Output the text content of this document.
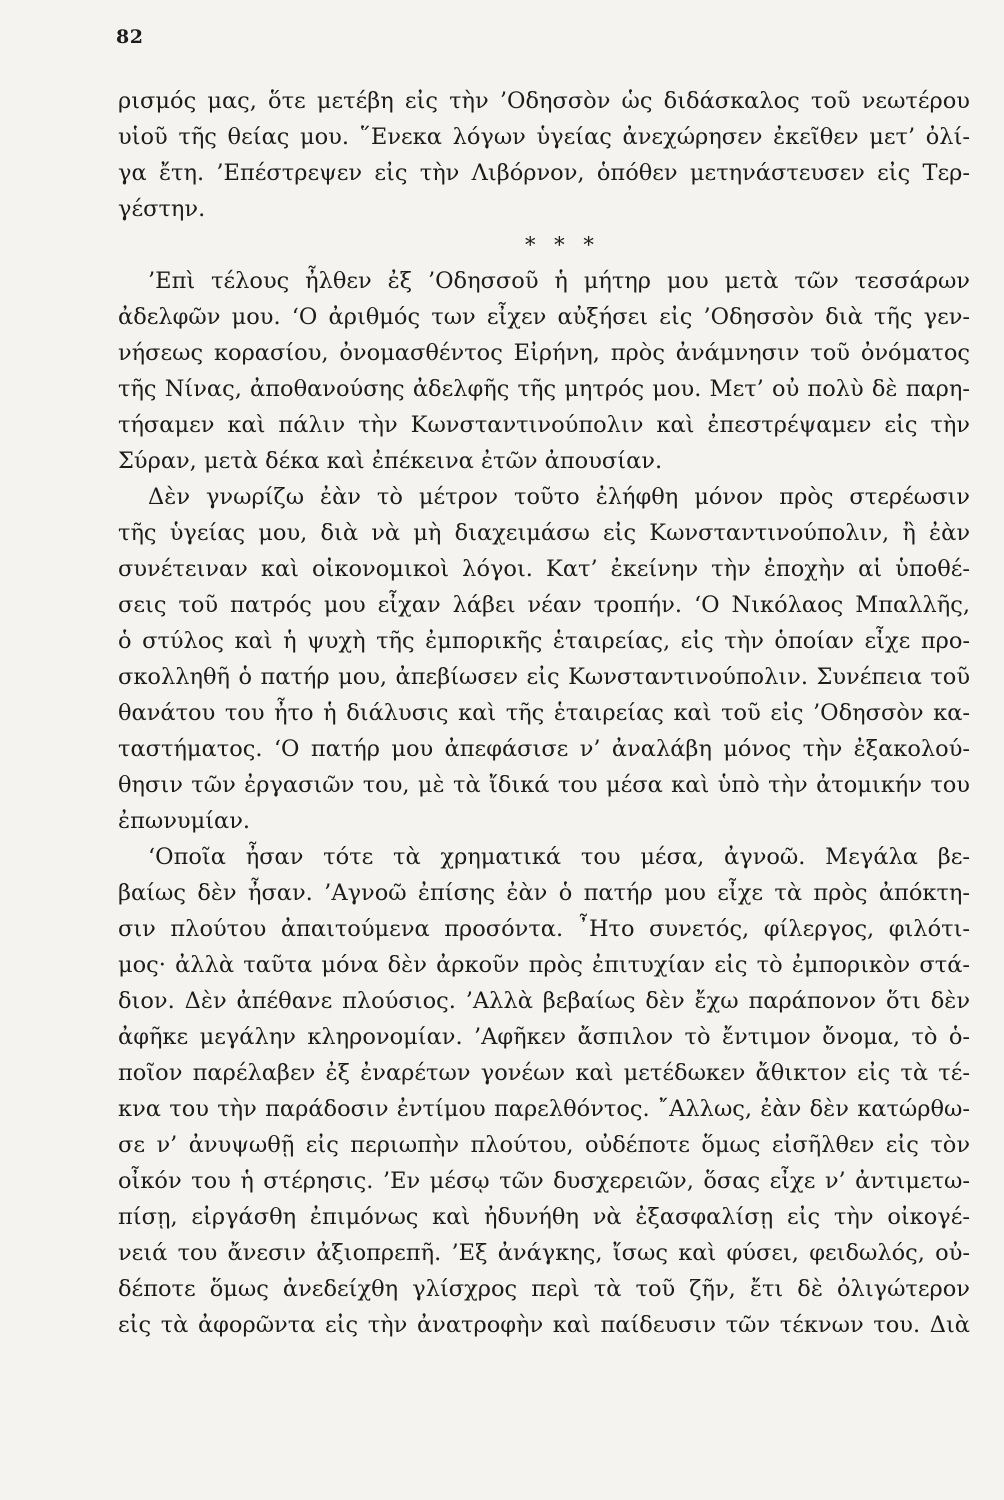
82
ρισμός μας, ὅτε μετέβη εἰς τὴν ’Οδησσὸν ὡς διδάσκαλος τοῦ νεωτέρου
υἱοῦ τῆς θείας μου. ῞Ενεκα λόγων ὑγείας ἀνεχώρησεν ἐκεῖθεν μετ’ ὀλί-
γα ἔτη. ’Επέστρεψεν εἰς τὴν Λιβόρνον, ὁπόθεν μετηνάστευσεν εἰς Τερ-
γέστην.
* * *
’Επὶ τέλους ἦλθεν ἐξ ’Οδησσοῦ ἡ μήτηρ μου μετὰ τῶν τεσσάρων
ἀδελφῶν μου. ‘Ο ἀριθμός των εἶχεν αὐξήσει εἰς ’Οδησσὸν διὰ τῆς γεν-
νήσεως κορασίου, ὀνομασθέντος Εἰρήνη, πρὸς ἀνάμνησιν τοῦ ὀνόματος
τῆς Νίνας, ἀποθανούσης ἀδελφῆς τῆς μητρός μου. Μετ’ οὐ πολὺ δὲ παρη-
τήσαμεν καὶ πάλιν τὴν Κωνσταντινούπολιν καὶ ἐπεστρέψαμεν εἰς τὴν
Σύραν, μετὰ δέκα καὶ ἐπέκεινα ἐτῶν ἀπουσίαν.
Δὲν γνωρίζω ἐὰν τὸ μέτρον τοῦτο ἐλήφθη μόνον πρὸς στερέωσιν
τῆς ὑγείας μου, διὰ νὰ μὴ διαχειμάσω εἰς Κωνσταντινούπολιν, ἢ ἐὰν
συνέτειναν καὶ οἰκονομικοὶ λόγοι. Κατ’ ἐκείνην τὴν ἐποχὴν αἱ ὑποθέ-
σεις τοῦ πατρός μου εἶχαν λάβει νέαν τροπήν. ‘Ο Νικόλαος Μπαλλῆς,
ὁ στύλος καὶ ἡ ψυχὴ τῆς ἐμπορικῆς ἑταιρείας, εἰς τὴν ὁποίαν εἶχε προ-
σκολληθῆ ὁ πατήρ μου, ἀπεβίωσεν εἰς Κωνσταντινούπολιν. Συνέπεια τοῦ
θανάτου του ἦτο ἡ διάλυσις καὶ τῆς ἑταιρείας καὶ τοῦ εἰς ’Οδησσὸν κα-
ταστήματος. ‘Ο πατήρ μου ἀπεφάσισε ν’ ἀναλάβη μόνος τὴν ἐξακολού-
θησιν τῶν ἐργασιῶν του, μὲ τὰ ἴδικά του μέσα καὶ ὑπὸ τὴν ἀτομικήν του
ἐπωνυμίαν.
‘Οποῖα ἦσαν τότε τὰ χρηματικά του μέσα, ἀγνοῶ. Μεγάλα βε-
βαίως δὲν ἦσαν. ’Αγνοῶ ἐπίσης ἐὰν ὁ πατήρ μου εἶχε τὰ πρὸς ἀπόκτη-
σιν πλούτου ἀπαιτούμενα προσόντα. ῏Ητο συνετός, φίλεργος, φιλότι-
μος· ἀλλὰ ταῦτα μόνα δὲν ἀρκοῦν πρὸς ἐπιτυχίαν εἰς τὸ ἐμπορικὸν στά-
διον. Δὲν ἀπέθανε πλούσιος. ’Αλλὰ βεβαίως δὲν ἔχω παράπονον ὅτι δὲν
ἀφῆκε μεγάλην κληρονομίαν. ’Αφῆκεν ἄσπιλον τὸ ἔντιμον ὄνομα, τὸ ὁ-
ποῖον παρέλαβεν ἐξ ἐναρέτων γονέων καὶ μετέδωκεν ἄθικτον εἰς τὰ τέ-
κνα του τὴν παράδοσιν ἐντίμου παρελθόντος. ῎Αλλως, ἐὰν δὲν κατώρθω-
σε ν’ ἀνυψωθῇ εἰς περιωπὴν πλούτου, οὐδέποτε ὅμως εἰσῆλθεν εἰς τὸν
οἶκόν του ἡ στέρησις. ’Εν μέσῳ τῶν δυσχερειῶν, ὅσας εἶχε ν’ ἀντιμετω-
πίσῃ, εἰργάσθη ἐπιμόνως καὶ ἠδυνήθη νὰ ἐξασφαλίσῃ εἰς τὴν οἰκογέ-
νειά του ἄνεσιν ἀξιοπρεπῆ. ’Εξ ἀνάγκης, ἴσως καὶ φύσει, φειδωλός, οὐ-
δέποτε ὅμως ἀνεδείχθη γλίσχρος περὶ τὰ τοῦ ζῆν, ἔτι δὲ ὀλιγώτερον
εἰς τὰ ἀφορῶντα εἰς τὴν ἀνατροφὴν καὶ παίδευσιν τῶν τέκνων του. Διὰ
